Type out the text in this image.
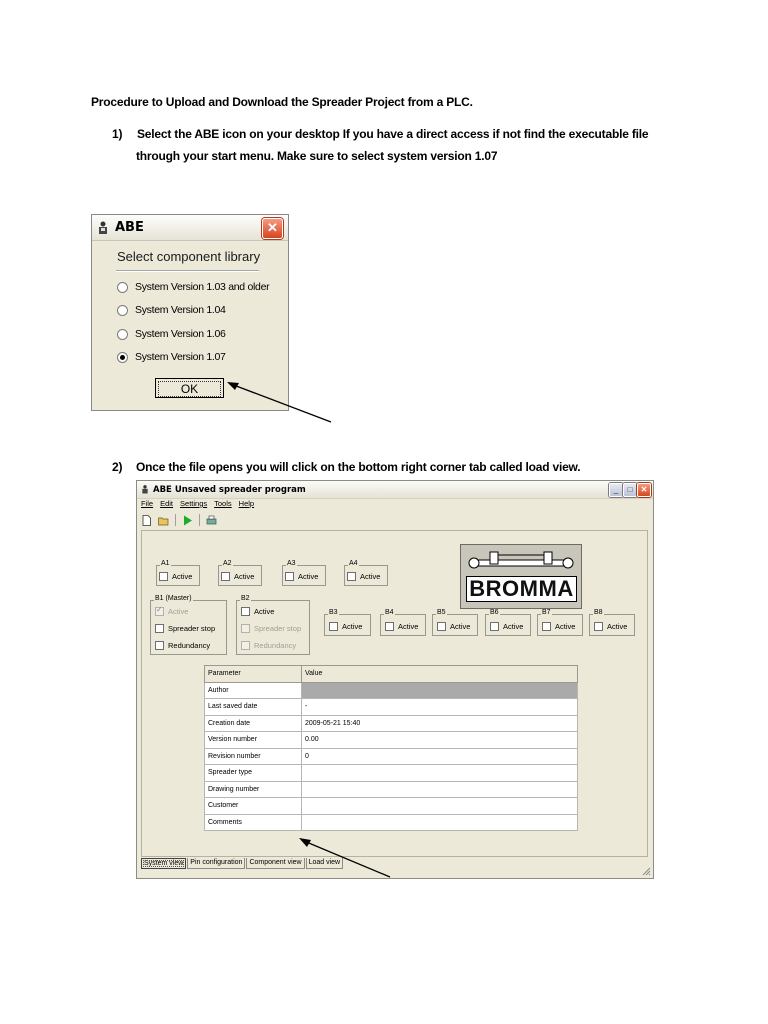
Procedure to Upload and Download the Spreader Project from a PLC.
1) Select the ABE icon on your desktop If you have a direct access if not find the executable file
through your start menu. Make sure to select system version 1.07
2) Once the file opens you will click on the bottom right corner tab called load view.
ABE	✕
Select component library
System Version 1.03 and older
System Version 1.04
System Version 1.06
System Version 1.07
OK
ABE Unsaved spreader program	_	□	✕
File Edit Settings Tools Help
A1
Active
A2
Active
A3
Active
A4
Active	BROMMA
B1 (Master)
✓
Active
Spreader stop
Redundancy
B2
Active
Spreader stop
Redundancy
B3
Active
B4
Active
B5
Active
B6
Active
B7
Active
B8
Active
Parameter	Value
Author	
Last saved date	-
Creation date	2009-05-21 15:40
Version number	0.00
Revision number	0
Spreader type	
Drawing number	
Customer	
Comments	
System view	Pin configuration	Component view	Load view
